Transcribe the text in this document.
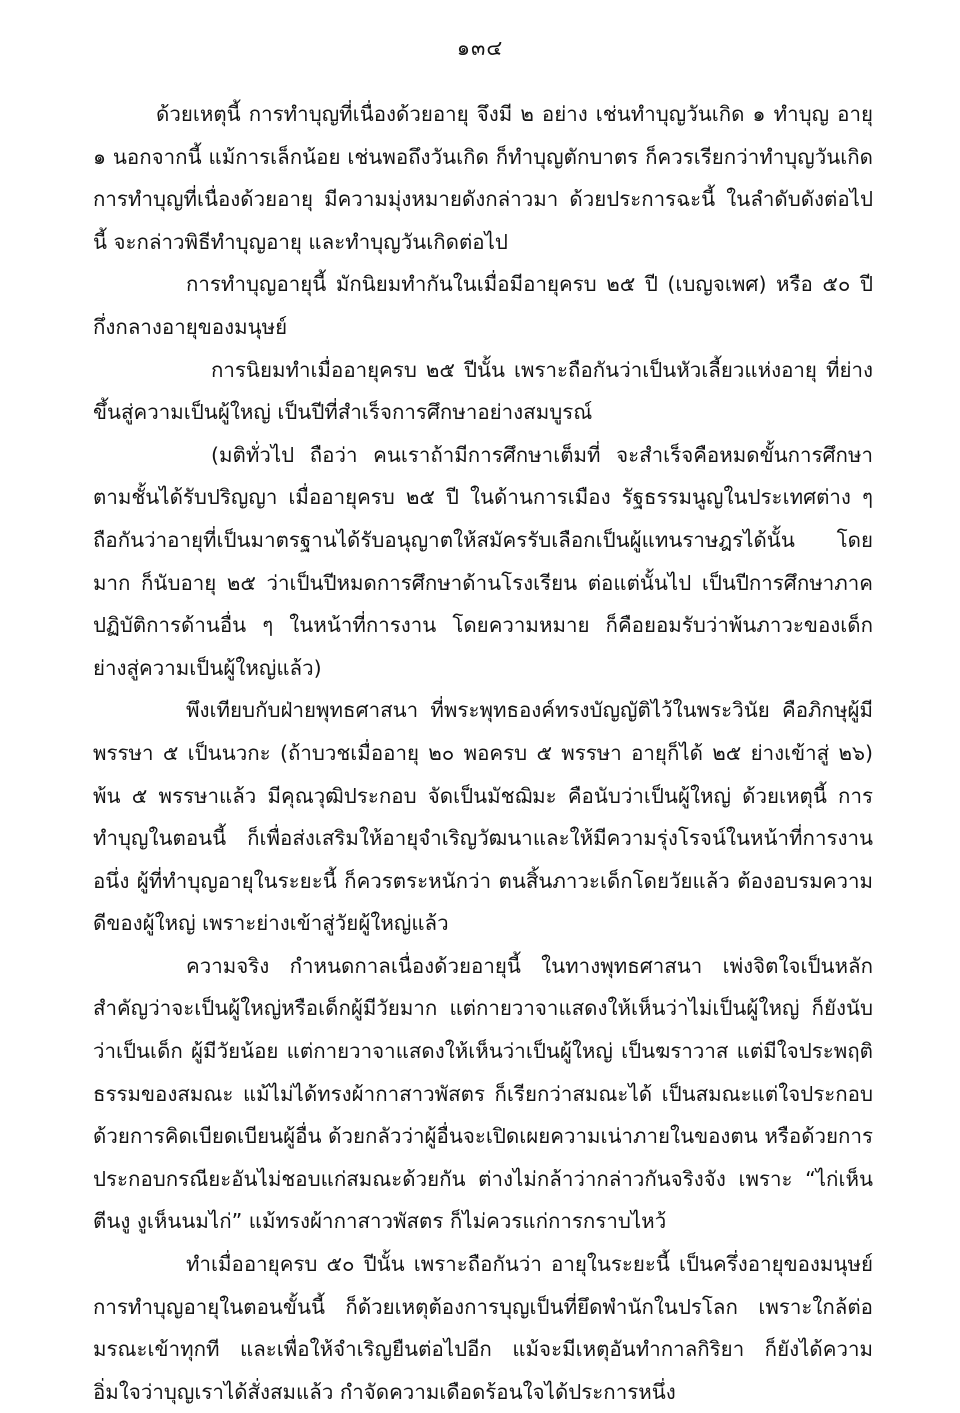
๑๓๔

ด้วยเหตุนี้ การทำบุญที่เนื่องด้วยอายุ จึงมี ๒ อย่าง เช่นทำบุญวันเกิด ๑ ทำบุญ อายุ ๑ นอกจากนี้ แม้การเล็กน้อย เช่นพอถึงวันเกิด ก็ทำบุญตักบาตร ก็ควรเรียกว่าทำบุญวันเกิด การทำบุญที่เนื่องด้วยอายุ มีความมุ่งหมายดังกล่าวมา ด้วยประการฉะนี้ ในลำดับดังต่อไปนี้ จะกล่าวพิธีทำบุญอายุ และทำบุญวันเกิดต่อไป

การทำบุญอายุนี้ มักนิยมทำกันในเมื่อมีอายุครบ ๒๕ ปี (เบญจเพศ) หรือ ๕๐ ปี กึ่งกลางอายุของมนุษย์

การนิยมทำเมื่ออายุครบ ๒๕ ปีนั้น เพราะถือกันว่าเป็นหัวเลี้ยวแห่งอายุ ที่ย่างขึ้นสู่ความเป็นผู้ใหญ่ เป็นปีที่สำเร็จการศึกษาอย่างสมบูรณ์

(มติทั่วไป ถือว่า คนเราถ้ามีการศึกษาเต็มที่ จะสำเร็จคือหมดขั้นการศึกษาตามชั้นได้รับปริญญา เมื่ออายุครบ ๒๕ ปี ในด้านการเมือง รัฐธรรมนูญในประเทศต่าง ๆ ถือกันว่าอายุที่เป็นมาตรฐานได้รับอนุญาตให้สมัครรับเลือกเป็นผู้แทนราษฎรได้นั้น โดยมาก ก็นับอายุ ๒๕ ว่าเป็นปีหมดการศึกษาด้านโรงเรียน ต่อแต่นั้นไป เป็นปีการศึกษาภาคปฏิบัติการด้านอื่น ๆ ในหน้าที่การงาน โดยความหมาย ก็คือยอมรับว่าพ้นภาวะของเด็ก ย่างสู่ความเป็นผู้ใหญ่แล้ว)

พึงเทียบกับฝ่ายพุทธศาสนา ที่พระพุทธองค์ทรงบัญญัติไว้ในพระวินัย คือภิกษุผู้มีพรรษา ๕ เป็นนวกะ (ถ้าบวชเมื่ออายุ ๒๐ พอครบ ๕ พรรษา อายุก็ได้ ๒๕ ย่างเข้าสู่ ๒๖) พ้น ๕ พรรษาแล้ว มีคุณวุฒิประกอบ จัดเป็นมัชฌิมะ คือนับว่าเป็นผู้ใหญ่ ด้วยเหตุนี้ การทำบุญในตอนนี้ ก็เพื่อส่งเสริมให้อายุจำเริญวัฒนาและให้มีความรุ่งโรจน์ในหน้าที่การงาน อนึ่ง ผู้ที่ทำบุญอายุในระยะนี้ ก็ควรตระหนักว่า ตนสิ้นภาวะเด็กโดยวัยแล้ว ต้องอบรมความดีของผู้ใหญ่ เพราะย่างเข้าสู่วัยผู้ใหญ่แล้ว

ความจริง กำหนดกาลเนื่องด้วยอายุนี้ ในทางพุทธศาสนา เพ่งจิตใจเป็นหลักสำคัญว่าจะเป็นผู้ใหญ่หรือเด็กผู้มีวัยมาก แต่กายวาจาแสดงให้เห็นว่าไม่เป็นผู้ใหญ่ ก็ยังนับว่าเป็นเด็ก ผู้มีวัยน้อย แต่กายวาจาแสดงให้เห็นว่าเป็นผู้ใหญ่ เป็นฆราวาส แต่มีใจประพฤติธรรมของสมณะ แม้ไม่ได้ทรงผ้ากาสาวพัสตร ก็เรียกว่าสมณะได้ เป็นสมณะแต่ใจประกอบด้วยการคิดเบียดเบียนผู้อื่น ด้วยกลัวว่าผู้อื่นจะเปิดเผยความเน่าภายในของตน หรือด้วยการประกอบกรณียะอันไม่ชอบแก่สมณะด้วยกัน ต่างไม่กล้าว่ากล่าวกันจริงจัง เพราะ “ไก่เห็นตีนงู งูเห็นนมไก่” แม้ทรงผ้ากาสาวพัสตร ก็ไม่ควรแก่การกราบไหว้

ทำเมื่ออายุครบ ๕๐ ปีนั้น เพราะถือกันว่า อายุในระยะนี้ เป็นครึ่งอายุของมนุษย์ การทำบุญอายุในตอนขั้นนี้ ก็ด้วยเหตุต้องการบุญเป็นที่ยึดพำนักในปรโลก เพราะใกล้ต่อมรณะเข้าทุกที และเพื่อให้จำเริญยืนต่อไปอีก แม้จะมีเหตุอันทำกาลกิริยา ก็ยังได้ความอิ่มใจว่าบุญเราได้สั่งสมแล้ว กำจัดความเดือดร้อนใจได้ประการหนึ่ง
